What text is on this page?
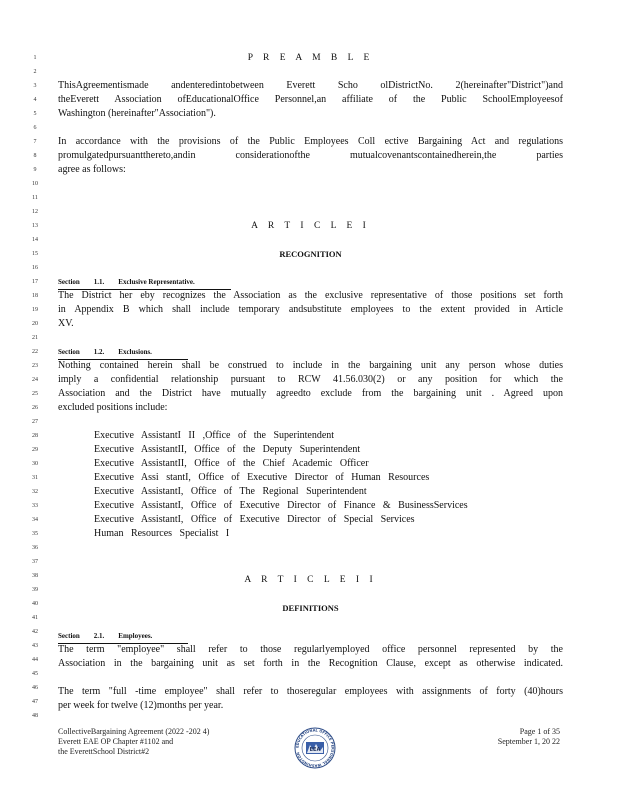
1
2
3
4
5
6
7
8
9
10
11
12
13
14
15
16
17
18
19
20
21
22
23
24
25
26
27
28
29
30
31
32
33
34
35
36
37
38
39
40
41
42
43
44
45
46
47
48
P R E A M B L E
ThisAgreementismade andenteredintobetween Everett Scho olDistrictNo. 2(hereinafter"District")and
theEverett Association ofEducationalOffice Personnel,an affiliate of the Public SchoolEmployeesof
Washington (hereinafter"Association").
In accordance with the provisions of the Public Employees Coll ective Bargaining Act and regulations
promulgatedpursuantthereto,andin considerationofthe mutualcovenantscontainedherein,the parties
agree as follows:
A R T I C L E I
RECOGNITION
Section 1.1. Exclusive Representative.
The District her eby recognizes the Association as the exclusive representative of those positions set forth
in Appendix B which shall include temporary andsubstitute employees to the extent provided in Article
XV.
Section 1.2. Exclusions.
Nothing contained herein shall be construed to include in the bargaining unit any person whose duties
imply a confidential relationship pursuant to RCW 41.56.030(2) or any position for which the
Association and the District have mutually agreedto exclude from the bargaining unit . Agreed upon
excluded positions include:
Executive AssistantI II ,Office of the Superintendent
Executive AssistantII, Office of the Deputy Superintendent
Executive AssistantII, Office of the Chief Academic Officer
Executive Assi stantI, Office of Executive Director of Human Resources
Executive AssistantI, Office of The Regional Superintendent
Executive AssistantI, Office of Executive Director of Finance & BusinessServices
Executive AssistantI, Office of Executive Director of Special Services
Human Resources Specialist I
A R T I C L E I I
DEFINITIONS
Section 2.1. Employees.
The term "employee" shall refer to those regularlyemployed office personnel represented by the
Association in the bargaining unit as set forth in the Recognition Clause, except as otherwise indicated.
The term "full -time employee" shall refer to thoseregular employees with assignments of forty (40)hours
per week for twelve (12)months per year.
CollectiveBargaining Agreement (2022 -202 4)
Everett EAE OP Chapter #1102 and
the EverettSchool District#2
Page 1 of 35
September 1, 20 22
EDUCATIONAL OFFICE PERSONNEL WASHINGTON
EEA
